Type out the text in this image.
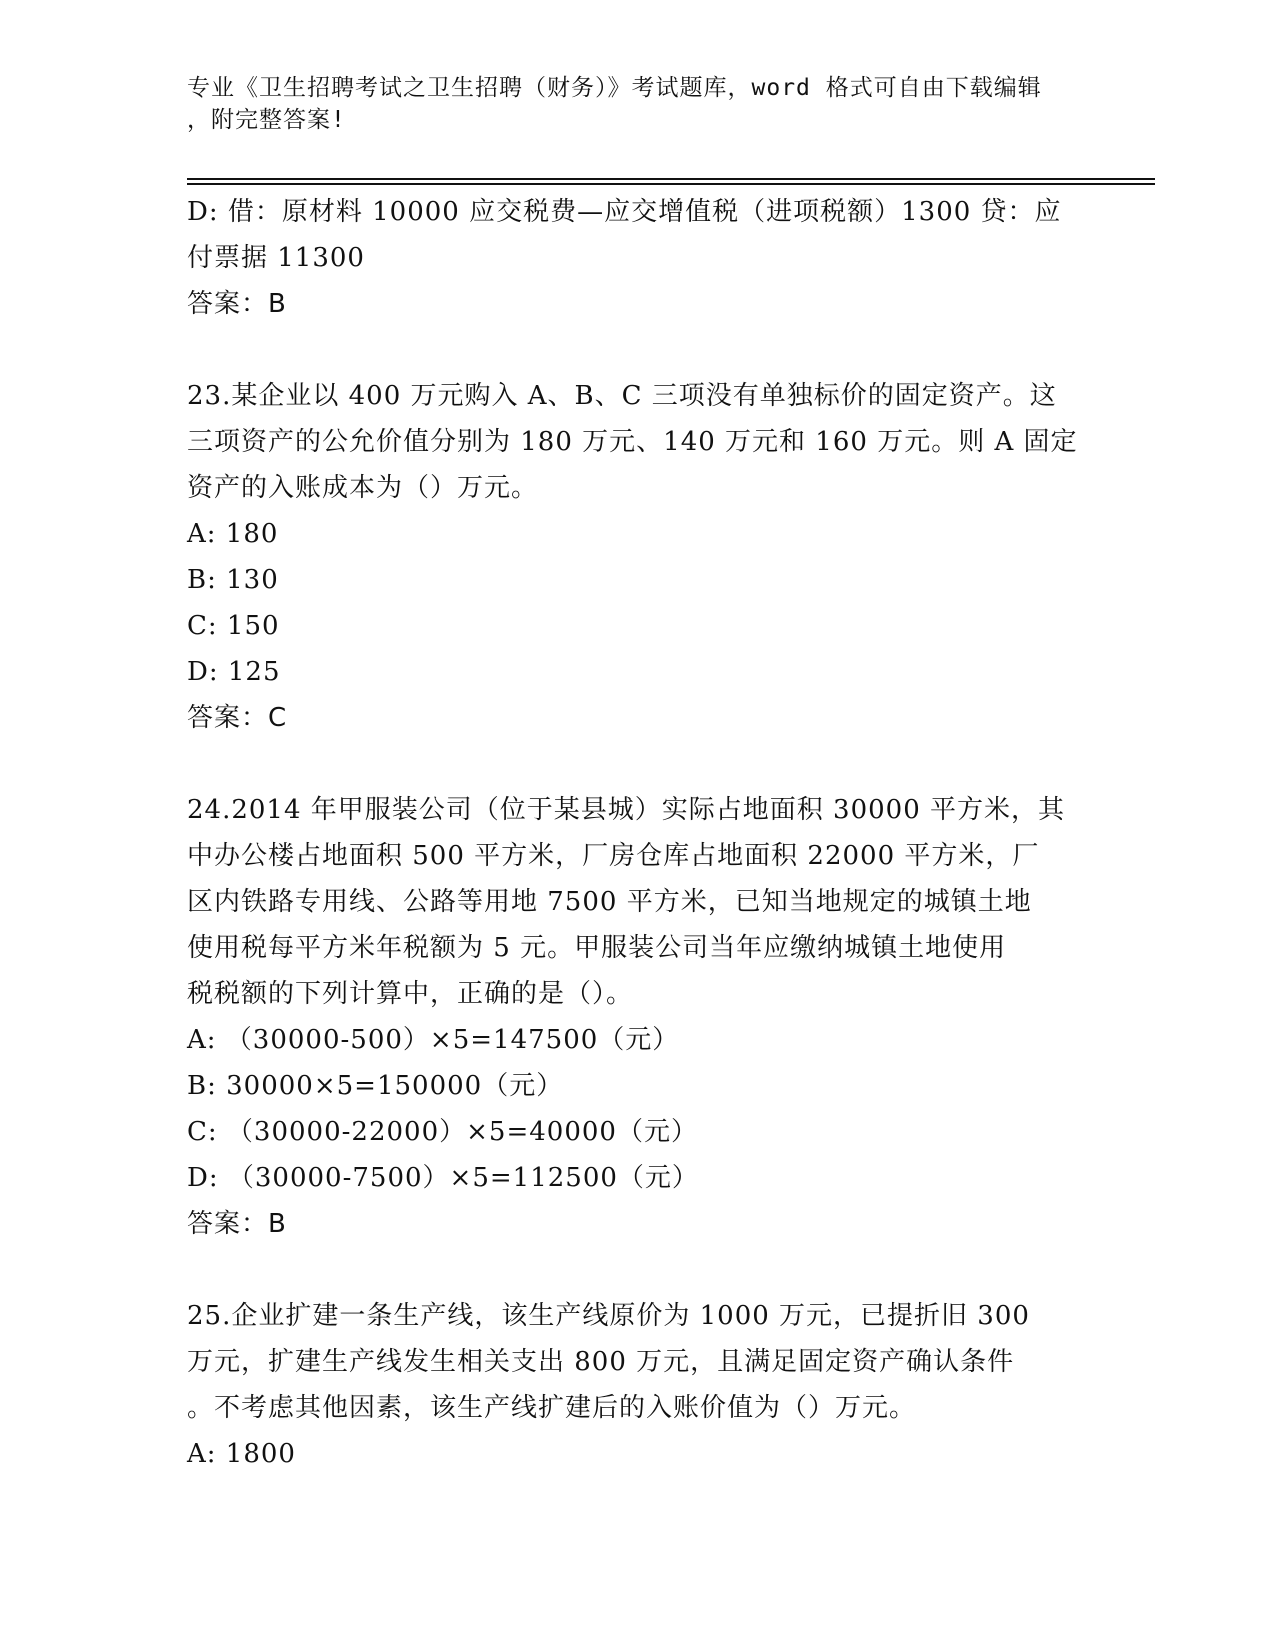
专业《卫生招聘考试之卫生招聘（财务）》考试题库，word 格式可自由下载编辑
，附完整答案!
D: 借：原材料 10000 应交税费—应交增值税（进项税额）1300 贷：应
付票据 11300
答案：B
23.某企业以 400 万元购入 A、B、C 三项没有单独标价的固定资产。这
三项资产的公允价值分别为 180 万元、140 万元和 160 万元。则 A 固定
资产的入账成本为（）万元。
A: 180
B: 130
C: 150
D: 125
答案：C
24.2014 年甲服装公司（位于某县城）实际占地面积 30000 平方米，其
中办公楼占地面积 500 平方米，厂房仓库占地面积 22000 平方米，厂
区内铁路专用线、公路等用地 7500 平方米，已知当地规定的城镇土地
使用税每平方米年税额为 5 元。甲服装公司当年应缴纳城镇土地使用
税税额的下列计算中，正确的是（）。
A: （30000-500）×5=147500（元）
B: 30000×5=150000（元）
C: （30000-22000）×5=40000（元）
D: （30000-7500）×5=112500（元）
答案：B
25.企业扩建一条生产线，该生产线原价为 1000 万元，已提折旧 300
万元，扩建生产线发生相关支出 800 万元，且满足固定资产确认条件
。不考虑其他因素，该生产线扩建后的入账价值为（）万元。
A: 1800
